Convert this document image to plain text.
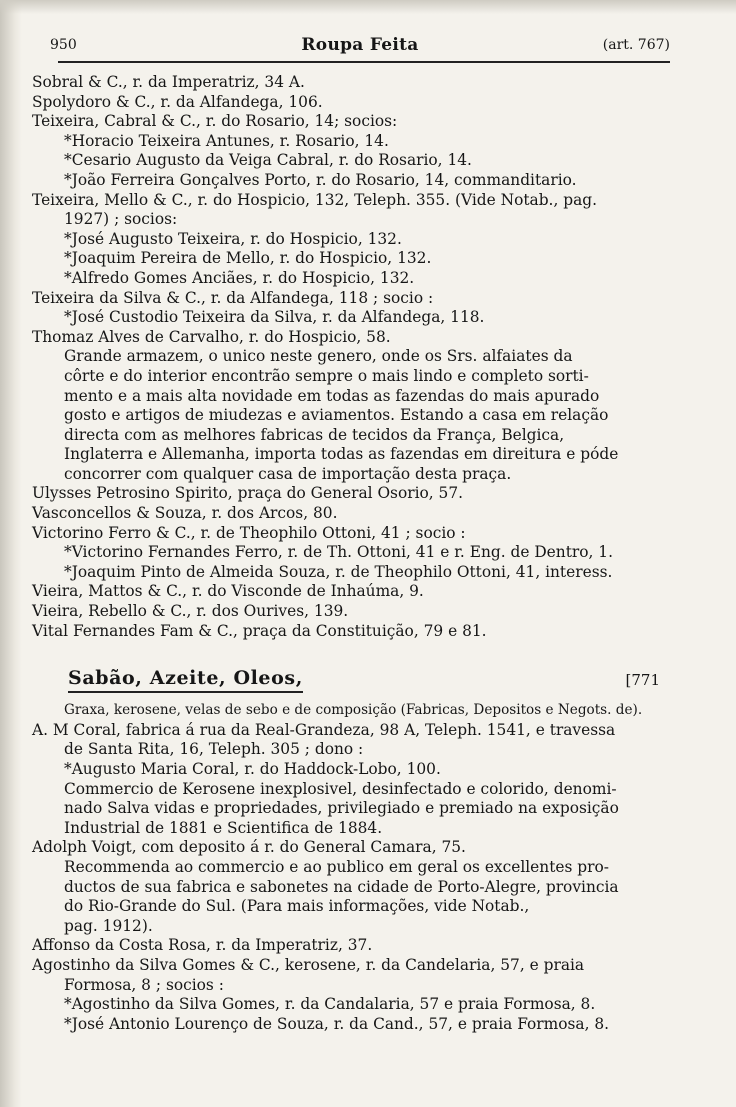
950	Roupa Feita	(art. 767)
Sobral & C., r. da Imperatriz, 34 A.
Spolydoro & C., r. da Alfandega, 106.
Teixeira, Cabral & C., r. do Rosario, 14; socios:
*Horacio Teixeira Antunes, r. Rosario, 14.
*Cesario Augusto da Veiga Cabral, r. do Rosario, 14.
*João Ferreira Gonçalves Porto, r. do Rosario, 14, commanditario.
Teixeira, Mello & C., r. do Hospicio, 132, Teleph. 355. (Vide Notab., pag.
1927) ; socios:
*José Augusto Teixeira, r. do Hospicio, 132.
*Joaquim Pereira de Mello, r. do Hospicio, 132.
*Alfredo Gomes Anciães, r. do Hospicio, 132.
Teixeira da Silva & C., r. da Alfandega, 118 ; socio :
*José Custodio Teixeira da Silva, r. da Alfandega, 118.
Thomaz Alves de Carvalho, r. do Hospicio, 58.
Grande armazem, o unico neste genero, onde os Srs. alfaiates da
côrte e do interior encontrão sempre o mais lindo e completo sorti-
mento e a mais alta novidade em todas as fazendas do mais apurado
gosto e artigos de miudezas e aviamentos. Estando a casa em relação
directa com as melhores fabricas de tecidos da França, Belgica,
Inglaterra e Allemanha, importa todas as fazendas em direitura e póde
concorrer com qualquer casa de importação desta praça.
Ulysses Petrosino Spirito, praça do General Osorio, 57.
Vasconcellos & Souza, r. dos Arcos, 80.
Victorino Ferro & C., r. de Theophilo Ottoni, 41 ; socio :
*Victorino Fernandes Ferro, r. de Th. Ottoni, 41 e r. Eng. de Dentro, 1.
*Joaquim Pinto de Almeida Souza, r. de Theophilo Ottoni, 41, interess.
Vieira, Mattos & C., r. do Visconde de Inhaúma, 9.
Vieira, Rebello & C., r. dos Ourives, 139.
Vital Fernandes Fam & C., praça da Constituição, 79 e 81.
Sabão, Azeite, Oleos,	[771
Graxa, kerosene, velas de sebo e de composição (Fabricas, Depositos e Negots. de).
A. M Coral, fabrica á rua da Real-Grandeza, 98 A, Teleph. 1541, e travessa
de Santa Rita, 16, Teleph. 305 ; dono :
*Augusto Maria Coral, r. do Haddock-Lobo, 100.
Commercio de Kerosene inexplosivel, desinfectado e colorido, denomi-
nado Salva vidas e propriedades, privilegiado e premiado na exposição
Industrial de 1881 e Scientifica de 1884.
Adolph Voigt, com deposito á r. do General Camara, 75.
Recommenda ao commercio e ao publico em geral os excellentes pro-
ductos de sua fabrica e sabonetes na cidade de Porto-Alegre, provincia
do Rio-Grande do Sul. (Para mais informações, vide Notab.,
pag. 1912).
Affonso da Costa Rosa, r. da Imperatriz, 37.
Agostinho da Silva Gomes & C., kerosene, r. da Candelaria, 57, e praia
Formosa, 8 ; socios :
*Agostinho da Silva Gomes, r. da Candalaria, 57 e praia Formosa, 8.
*José Antonio Lourenço de Souza, r. da Cand., 57, e praia Formosa, 8.
